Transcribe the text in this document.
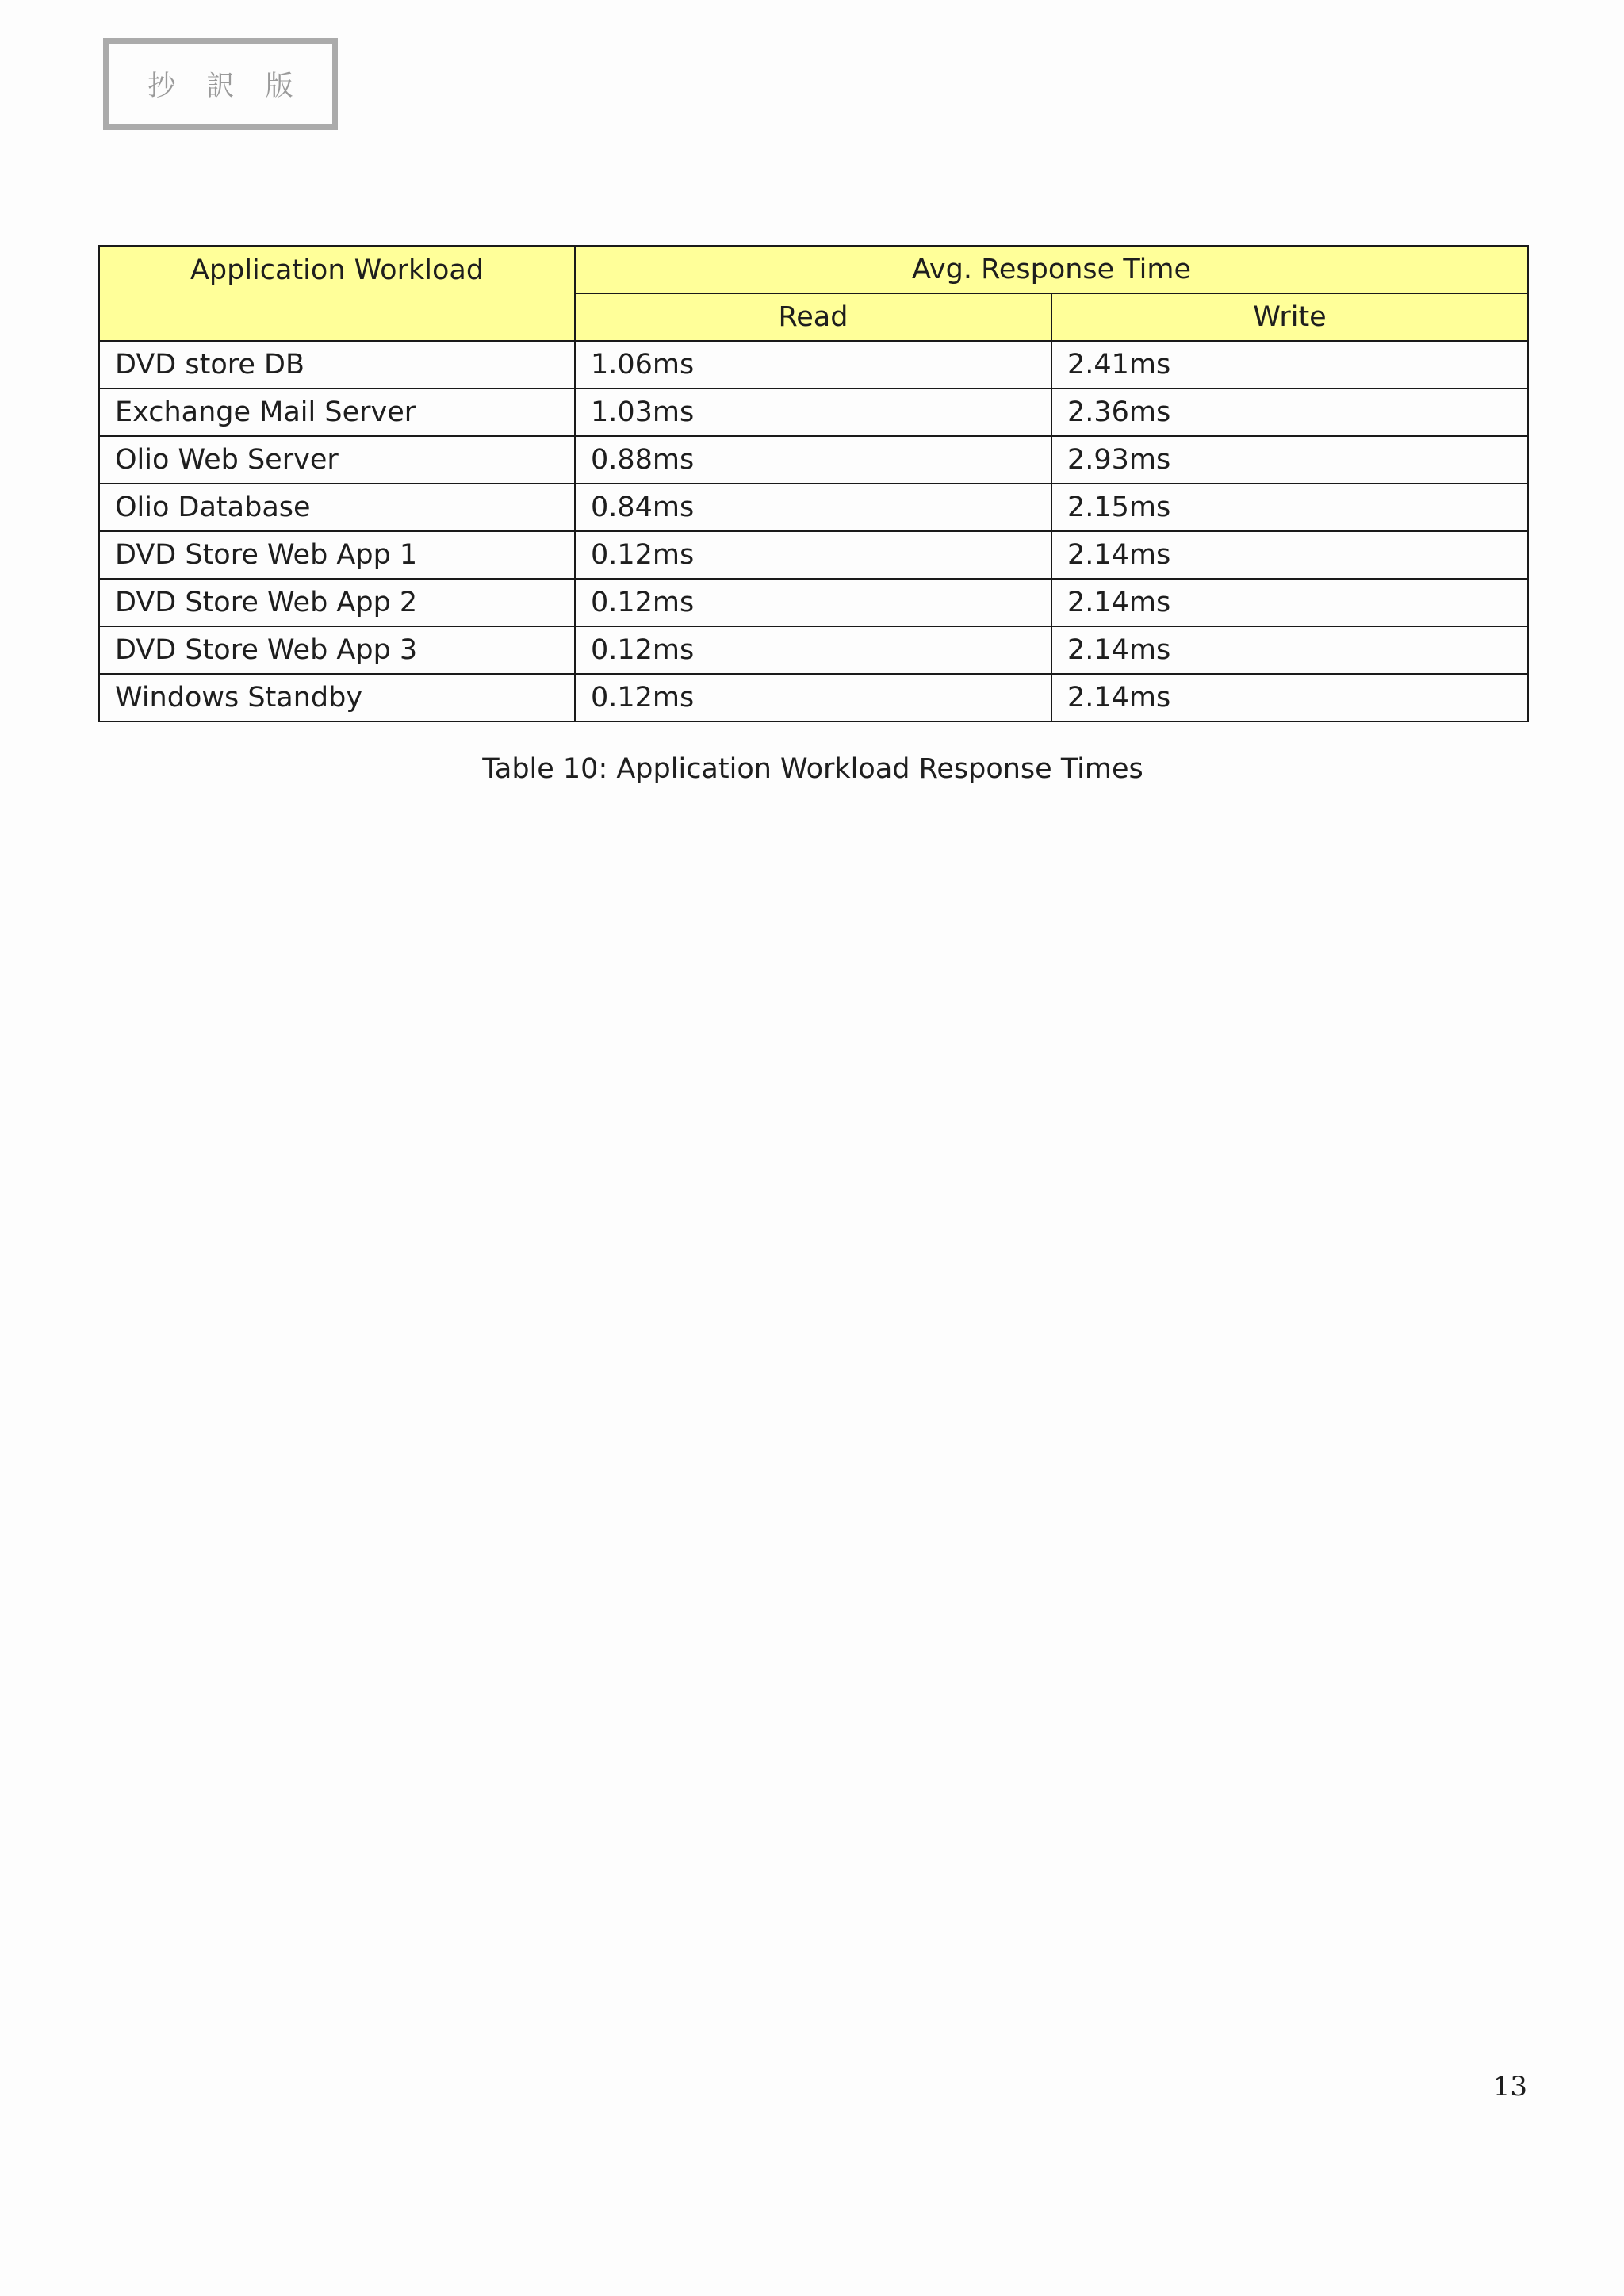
抄 訳 版
Application Workload	Avg. Response Time	
	Read	Write
DVD store DB	1.06ms	2.41ms
Exchange Mail Server	1.03ms	2.36ms
Olio Web Server	0.88ms	2.93ms
Olio Database	0.84ms	2.15ms
DVD Store Web App 1	0.12ms	2.14ms
DVD Store Web App 2	0.12ms	2.14ms
DVD Store Web App 3	0.12ms	2.14ms
Windows Standby	0.12ms	2.14ms
Table 10: Application Workload Response Times
13
